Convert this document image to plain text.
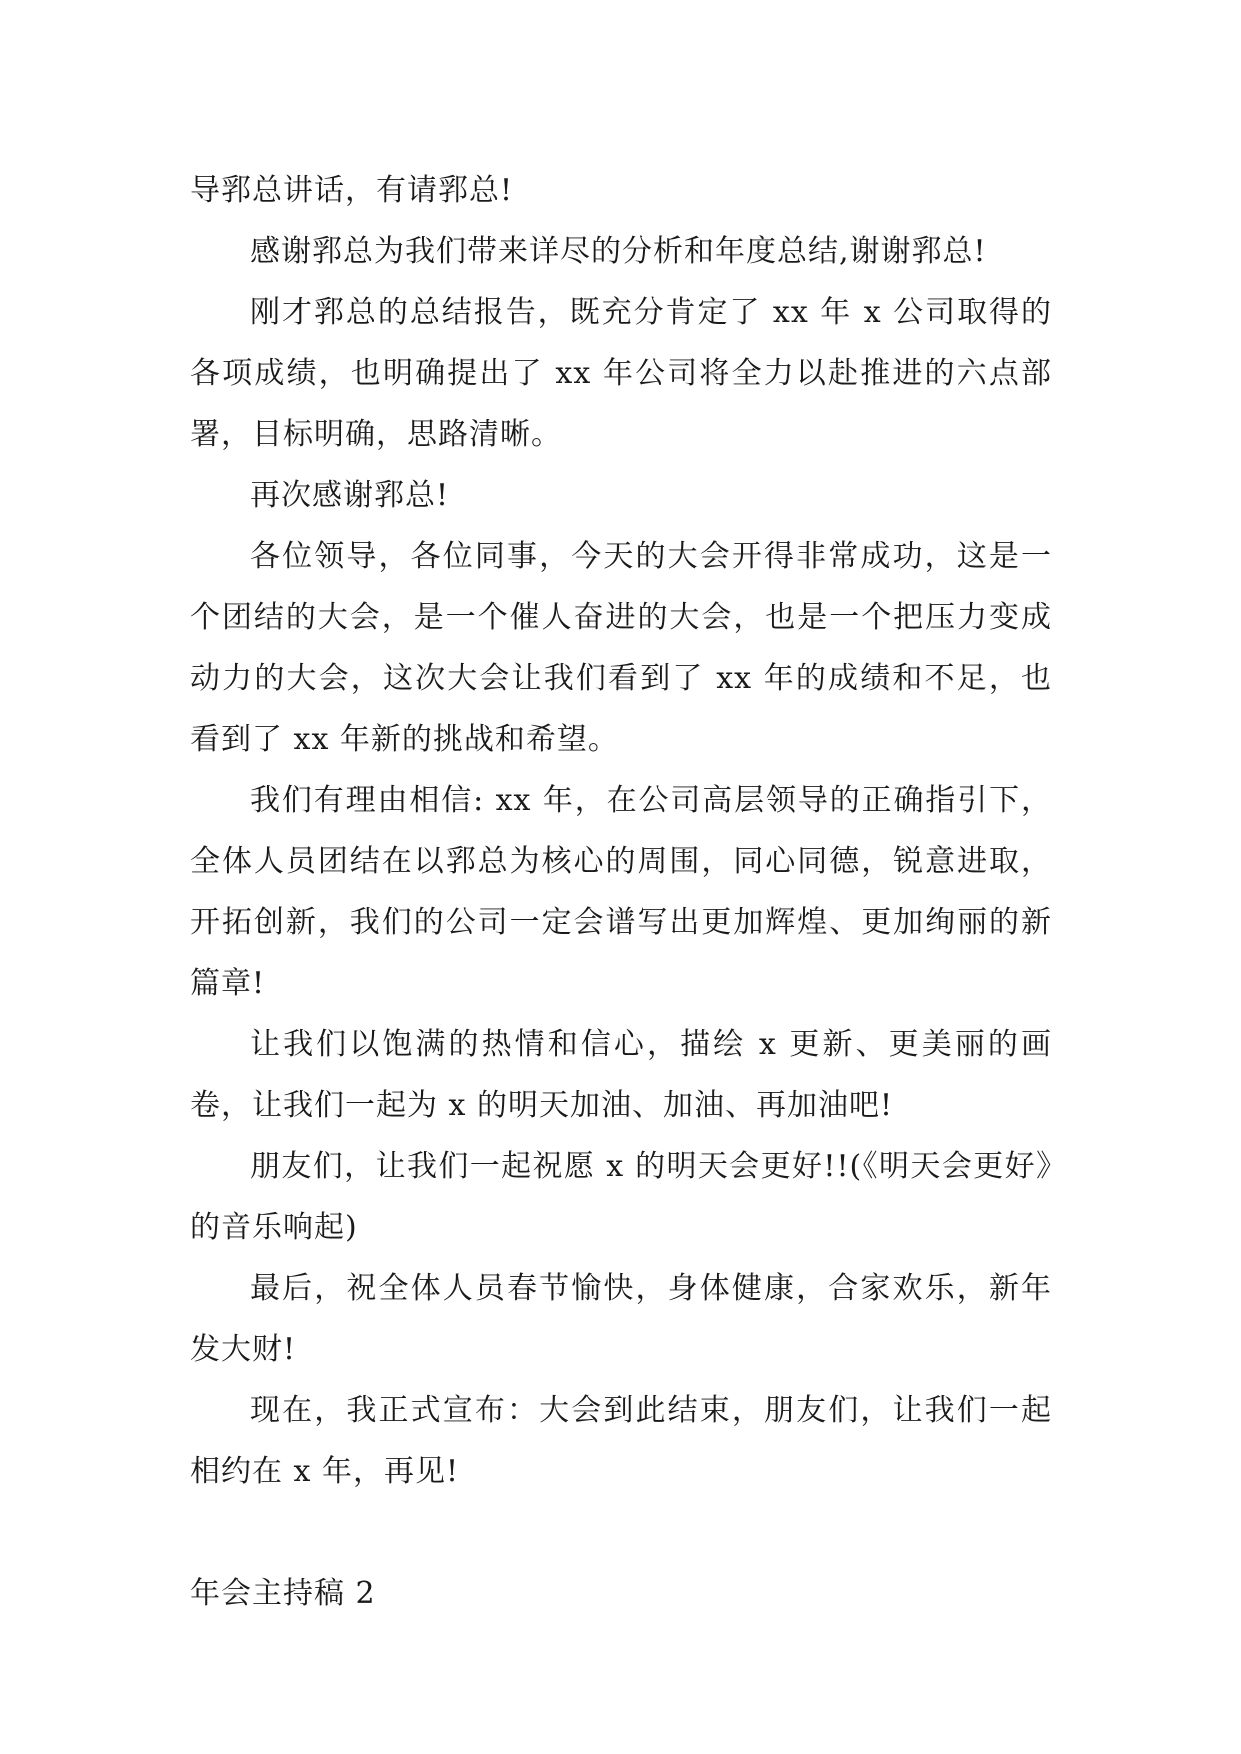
导郛总讲话，有请郛总!

感谢郛总为我们带来详尽的分析和年度总结,谢谢郛总!

刚才郛总的总结报告，既充分肯定了 xx 年 x 公司取得的各项成绩，也明确提出了 xx 年公司将全力以赴推进的六点部署，目标明确，思路清晰。

再次感谢郛总!

各位领导，各位同事，今天的大会开得非常成功，这是一个团结的大会，是一个催人奋进的大会，也是一个把压力变成动力的大会，这次大会让我们看到了 xx 年的成绩和不足，也看到了 xx 年新的挑战和希望。

我们有理由相信: xx 年，在公司高层领导的正确指引下，全体人员团结在以郛总为核心的周围，同心同德，锐意进取，开拓创新，我们的公司一定会谱写出更加辉煌、更加绚丽的新篇章!

让我们以饱满的热情和信心，描绘 x 更新、更美丽的画卷，让我们一起为 x 的明天加油、加油、再加油吧!

朋友们，让我们一起祝愿 x 的明天会更好!!(《明天会更好》的音乐响起)

最后，祝全体人员春节愉快，身体健康，合家欢乐，新年发大财!

现在，我正式宣布：大会到此结束，朋友们，让我们一起相约在 x 年，再见!

年会主持稿 2
